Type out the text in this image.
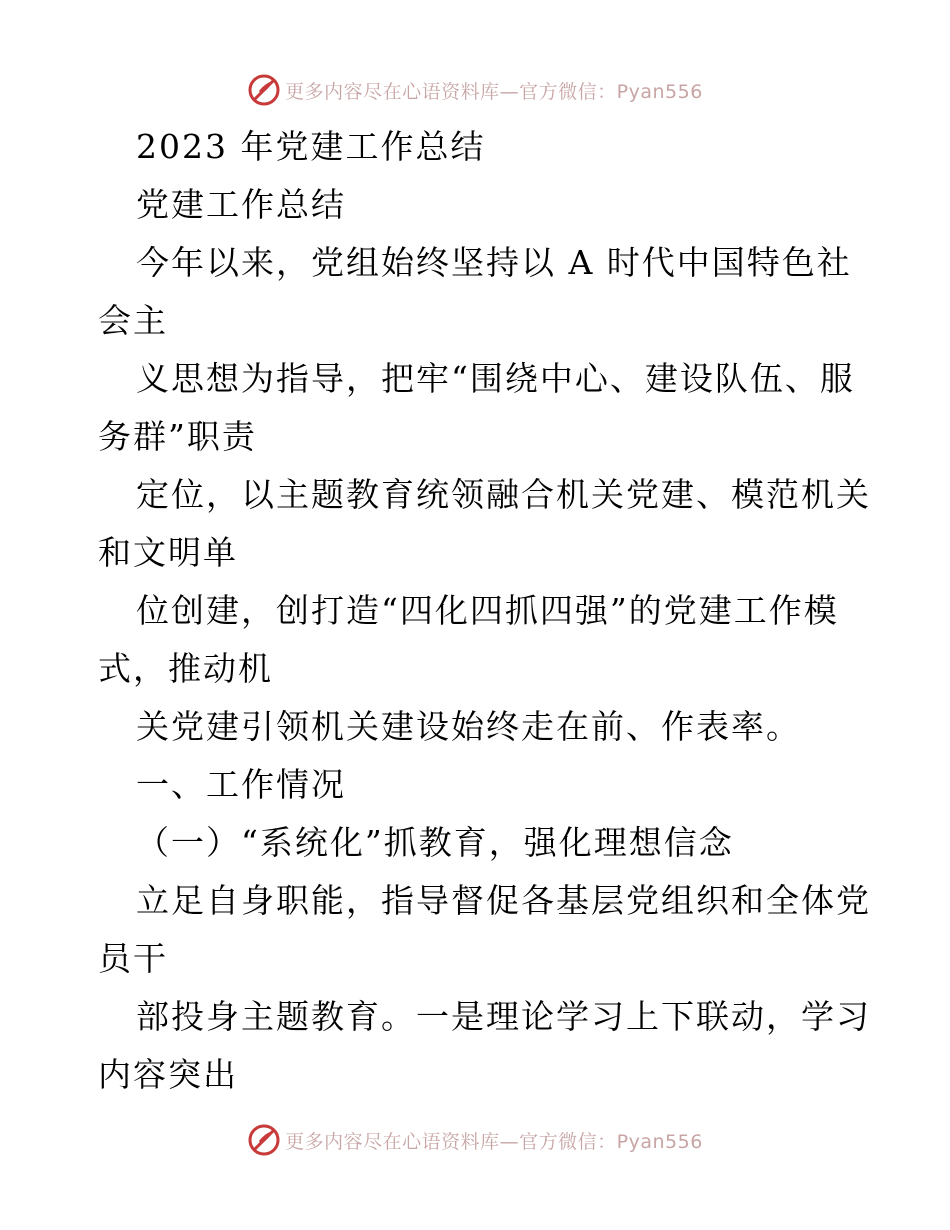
更多内容尽在心语资料库—官方微信：Pyan556
2023 年党建工作总结
党建工作总结
今年以来，党组始终坚持以 A 时代中国特色社
会主
义思想为指导，把牢“围绕中心、建设队伍、服
务群”职责
定位，以主题教育统领融合机关党建、模范机关
和文明单
位创建，创打造“四化四抓四强”的党建工作模
式，推动机
关党建引领机关建设始终走在前、作表率。
一、工作情况
（一）“系统化”抓教育，强化理想信念
立足自身职能，指导督促各基层党组织和全体党
员干
部投身主题教育。一是理论学习上下联动，学习
内容突出
更多内容尽在心语资料库—官方微信：Pyan556
